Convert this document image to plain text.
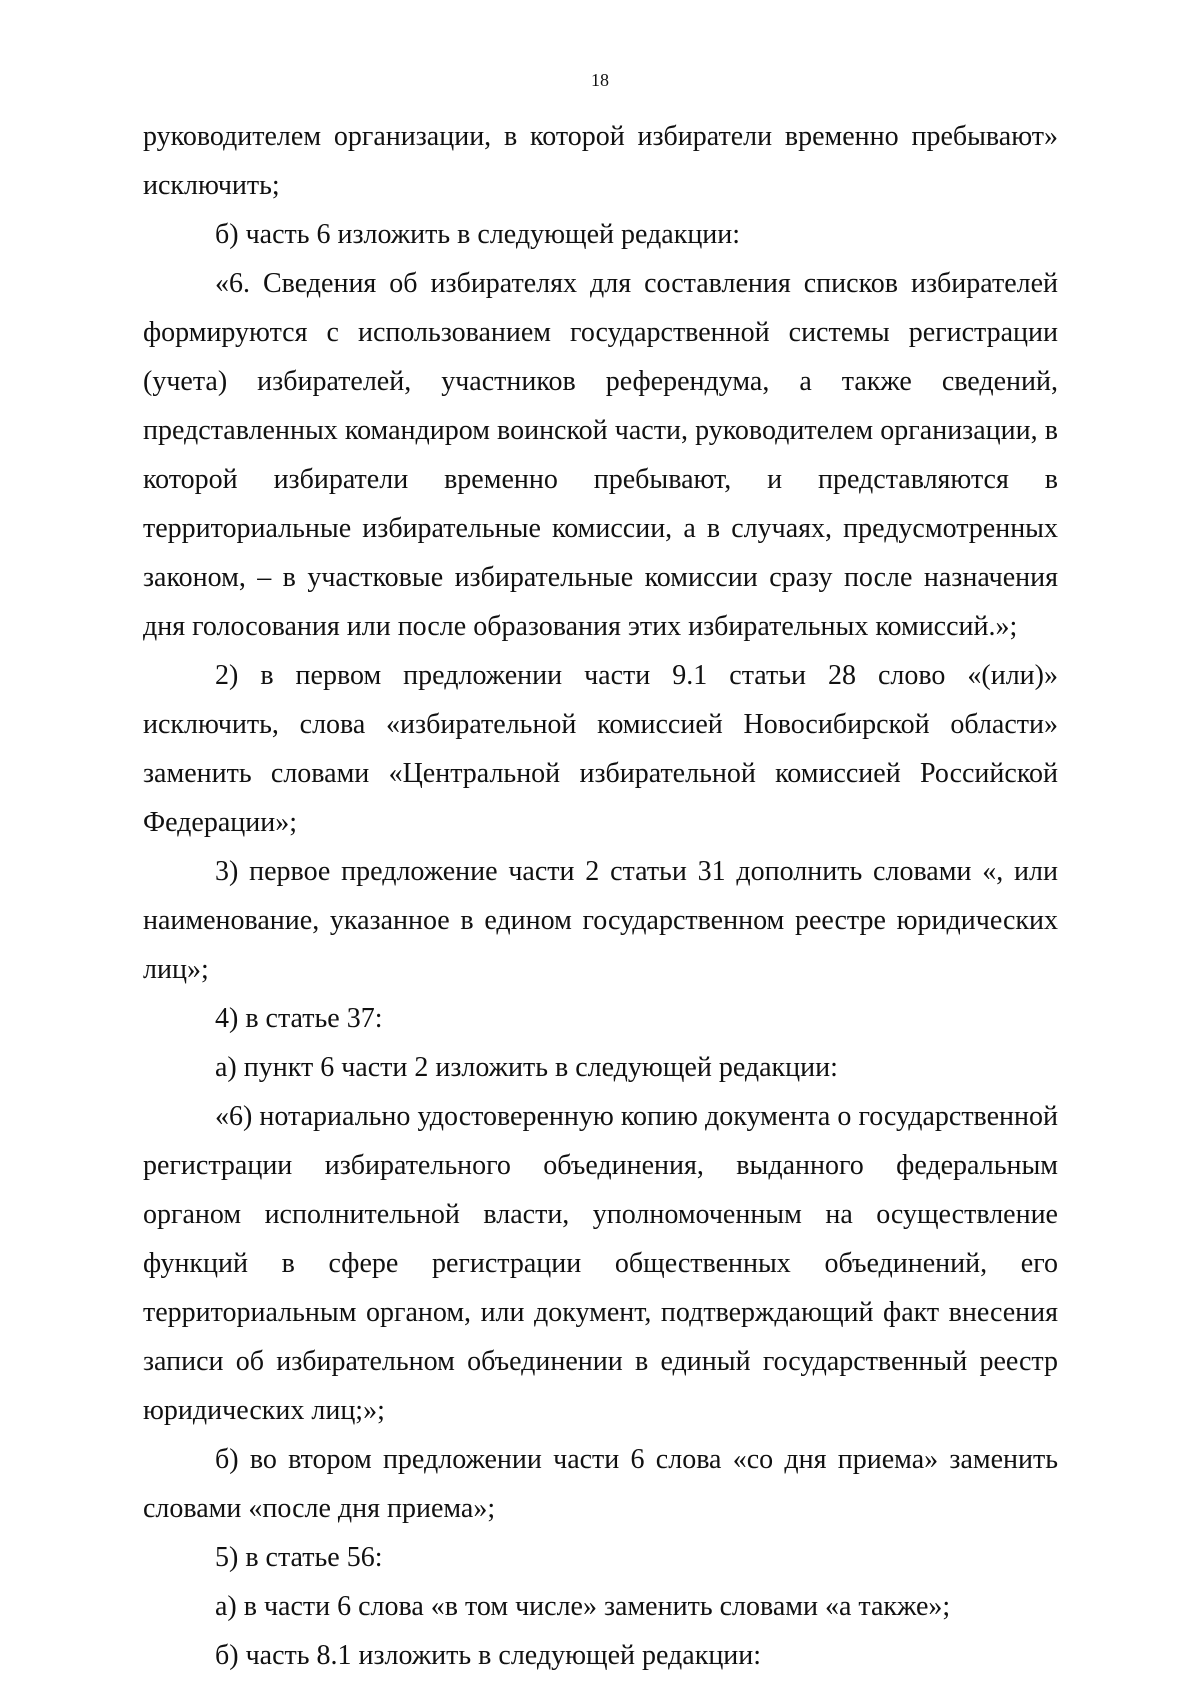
18

руководителем организации, в которой избиратели временно пребывают» исключить;

б) часть 6 изложить в следующей редакции:

«6. Сведения об избирателях для составления списков избирателей формируются с использованием государственной системы регистрации (учета) избирателей, участников референдума, а также сведений, представленных командиром воинской части, руководителем организации, в которой избиратели временно пребывают, и представляются в территориальные избирательные комиссии, а в случаях, предусмотренных законом, – в участковые избирательные комиссии сразу после назначения дня голосования или после образования этих избирательных комиссий.»;

2) в первом предложении части 9.1 статьи 28 слово «(или)» исключить, слова «избирательной комиссией Новосибирской области» заменить словами «Центральной избирательной комиссией Российской Федерации»;

3) первое предложение части 2 статьи 31 дополнить словами «, или наименование, указанное в едином государственном реестре юридических лиц»;

4) в статье 37:

а) пункт 6 части 2 изложить в следующей редакции:

«6) нотариально удостоверенную копию документа о государственной регистрации избирательного объединения, выданного федеральным органом исполнительной власти, уполномоченным на осуществление функций в сфере регистрации общественных объединений, его территориальным органом, или документ, подтверждающий факт внесения записи об избирательном объединении в единый государственный реестр юридических лиц;»;

б) во втором предложении части 6 слова «со дня приема» заменить словами «после дня приема»;

5) в статье 56:

а) в части 6 слова «в том числе» заменить словами «а также»;

б) часть 8.1 изложить в следующей редакции:
